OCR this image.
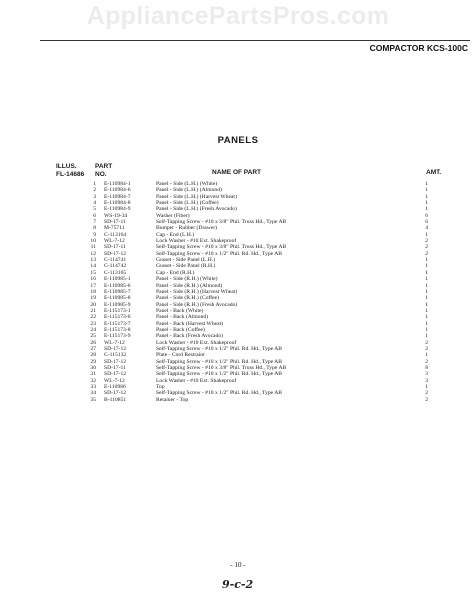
AppliancePartsPros.com
COMPACTOR KCS-100C
PANELS
ILLUS.
FL-14686
PART
NO.	NAME OF PART	AMT.
1 E-110984-1	Panel - Side (L.H.) (White)	1
2 E-110984-6	Panel - Side (L.H.) (Almond)	1
3 E-110984-7	Panel - Side (L.H.) (Harvest Wheat)	1
4 E-110984-8	Panel - Side (L.H.) (Coffee)	1
5 E-110984-9	Panel - Side (L.H.) (Fresh Avocado)	1
6 WS-19-34	Washer (Fiber)	6
7 SD-17-11	Self-Tapping Screw - #10 x 3/8" Phil. Truss Hd., Type AB	6
8 M-75711	Bumper - Rubber (Drawer)	4
9 C-113164	Cap - End (L.H.)	1
10 WL-7-12	Lock Washer - #10 Ext. Shakeproof	2
11 SD-17-11	Self-Tapping Screw - #10 x 3/8" Phil. Truss Hd., Type AB	2
12 SD-17-12	Self-Tapping Screw - #10 x 1/2" Phil. Rd. Hd., Type AB	2
13 C-114741	Gusset - Side Panel (L.H.)	1
14 C-114742	Gusset - Side Panel (R.H.)	1
15 C-113165	Cap - End (R.H.)	1
16 E-110985-1	Panel - Side (R.H.) (White)	1
17 E-110985-6	Panel - Side (R.H.) (Almond)	1
18 E-110985-7	Panel - Side (R.H.) (Harvest Wheat)	1
19 E-110985-8	Panel - Side (R.H.) (Coffee)	1
20 E-110985-9	Panel - Side (R.H.) (Fresh Avocado)	1
21 E-115173-1	Panel - Back (White)	1
22 E-115173-6	Panel - Back (Almond)	1
23 E-115173-7	Panel - Back (Harvest Wheat)	1
24 E-115173-8	Panel - Back (Coffee)	1
25 E-115173-9	Panel - Back (Fresh Avocado)	1
26 WL-7-12	Lock Washer - #10 Ext. Shakeproof	2
27 SD-17-12	Self-Tapping Screw - #10 x 1/2" Phil. Rd. Hd., Type AB	2
28 C-115132	Plate - Cord Restraint	1
29 SD-17-12	Self-Tapping Screw - #10 x 1/2" Phil. Rd. Hd., Type AB	2
30 SD-17-11	Self-Tapping Screw - #10 x 3/8" Phil. Truss Hd., Type AB	8
31 SD-17-12	Self-Tapping Screw - #10 x 1/2" Phil. Rd. Hd., Type AB	3
32 WL-7-12	Lock Washer - #10 Ext. Shakeproof	3
33 E-110986	Top	1
34 SD-17-12	Self-Tapping Screw - #10 x 1/2" Phil. Rd. Hd., Type AB	2
35 B-110851	Retainer - Top	2
- 10 -
9-c-2
